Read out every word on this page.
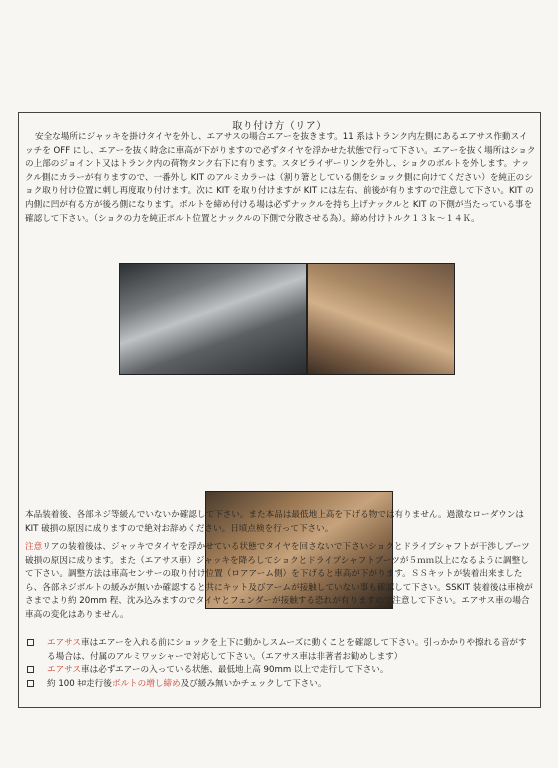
取り付け方（リア）

安全な場所にジャッキを掛けタイヤを外し、エアサスの場合エアーを抜きます。11 系はトランク内左側にあるエアサス作動スイッチを OFF にし、エアーを抜く時念に車高が下がりますので必ずタイヤを浮かせた状態で行って下さい。エアーを抜く場所はショクの上部のジョイント又はトランク内の荷物タンク右下に有ります。スタビライザーリンクを外し、ショクのボルトを外します。ナックル側にカラーが有りますので、一番外し KIT のアルミカラーは（割り箸としている側をショック側に向けてください）を純正のショク取り付け位置に刺し再度取り付けます。次に KIT を取り付けますが KIT には左右、前後が有りますので注意して下さい。KIT の内側に凹が有る方が後ろ側になります。ボルトを締め付ける場は必ずナックルを持ち上げナックルと KIT の下側が当たっている事を確認して下さい。（ショクの力を純正ボルト位置とナックルの下側で分散させる為）。締め付けトルク１３ｋ～１４Ｋ。

本品装着後、各部ネジ等緩んでいないか確認して下さい。また本品は最低地上高を下げる物では有りません。過激なローダウンは KIT 破損の原因に成りますので絶対お辞めください。日頃点検を行って下さい。

注意リアの装着後は、ジャッキでタイヤを浮かせている状態でタイヤを回さないで下さいショクとドライブシャフトが干渉しブーツ破損の原因に成ります。また（エアサス車）ジャッキを降ろしてショクとドライブシャフトブーツが５ｍｍ以上になるように調整して下さい。調整方法は車高センサーの取り付け位置（ロアアーム側）を下げると車高が下がります。ＳＳキットが装着出来ましたら、各部ネジボルトの緩みが無いか確認すると共にキット及びアームが接触していない事も確認して下さい。SSKIT 装着後は車検がさまでより約 20mm 程、沈み込みますのでタイヤとフェンダーが接触する恐れが有りますので注意して下さい。エアサス車の場合車高の変化はありません。

エアサス車はエアーを入れる前にショックを上下に動かしスムーズに動くことを確認して下さい。引っかかりや擦れる音がする場合は、付属のアルミワッシャーで対応して下さい。（エアサス車は非著者お勧めします）
エアサス車は必ずエアーの入っている状態、最低地上高 90mm 以上で走行して下さい。
約 100 ｷﾛ走行後ボルトの増し締め及び緩み無いかチェックして下さい。
